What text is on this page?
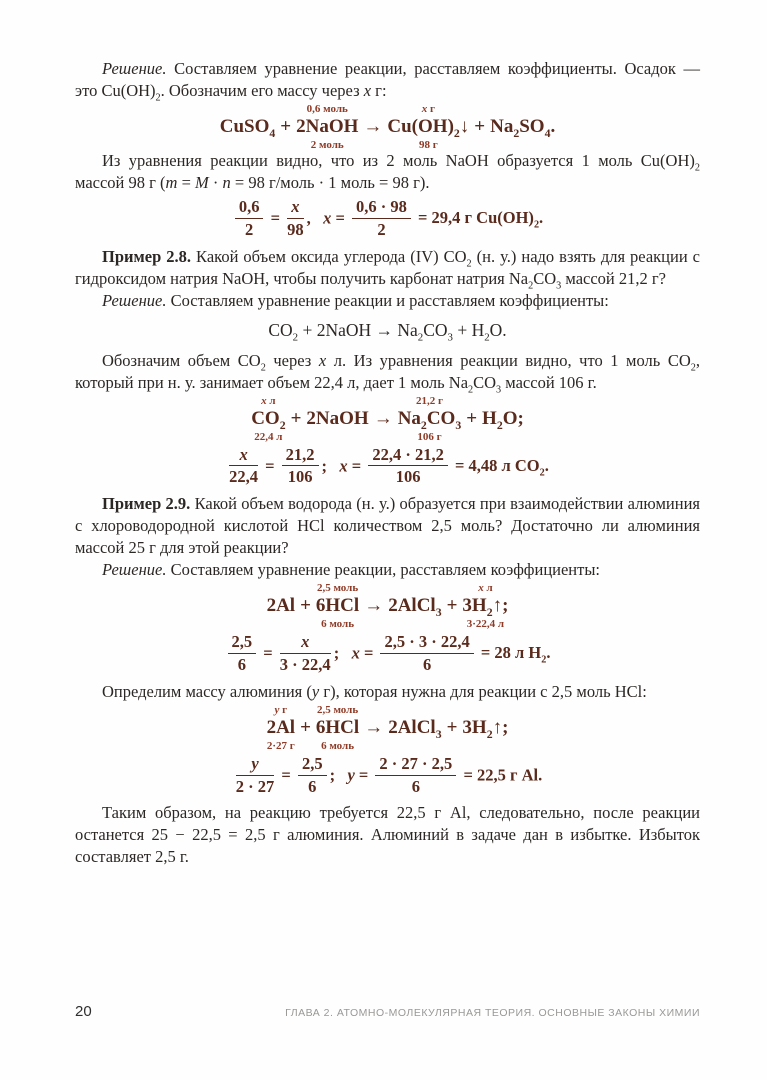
Решение. Составляем уравнение реакции, расставляем коэффициенты. Осадок — это $Cu(OH)_2$. Обозначим его массу через x г:

CuSO$_4$ +
0,6 моль
2NaOH
2 моль
→
x г
$Cu(OH)_2↓$
98 г
+ $Na_2SO_4$.

Из уравнения реакции видно, что из 2 моль NaOH образуется 1 моль $Cu(OH)_2$ массой 98 г (m = M · n = 98 г/моль · 1 моль = 98 г).

$\frac{0,6}{2} = \frac{x}{98}$ ,   $x = \frac{0,6 \cdot 98}{2} = 29,4$ г $Cu(OH)_2$.

Пример 2.8. Какой объем оксида углерода (IV) $CO_2$ (н. у.) надо взять для реакции с гидроксидом натрия NaOH, чтобы получить карбонат натрия $Na_2CO_3$ массой 21,2 г?

Решение. Составляем уравнение реакции и расставляем коэффициенты:

$CO_2$ + 2NaOH → $Na_2CO_3 + H_2O$.

Обозначим объем $CO_2$ через x л. Из уравнения реакции видно, что 1 моль $CO_2$, который при н. у. занимает объем 22,4 л, дает 1 моль $Na_2CO_3$ массой 106 г.

x л
$CO_2$
22,4 л
+ 2NaOH →
21,2 г
$Na_2CO_3$
106 г
+ $H_2O$;
$\frac{x}{22,4} = \frac{21,2}{106}$ ;   $x = \frac{22,4 \cdot 21,2}{106} = 4,48$ л $CO_2$.

Пример 2.9. Какой объем водорода (н. у.) образуется при взаимодействии алюминия с хлороводородной кислотой HCl количеством 2,5 моль? Достаточно ли алюминия массой 25 г для этой реакции?

Решение. Составляем уравнение реакции, расставляем коэффициенты:

2Al +
2,5 моль
6HCl
6 моль
→ 2AlCl$_3$ +
x л
$3H_2↑$;
3·22,4 л
$\frac{2,5}{6} = \frac{x}{3 \cdot 22,4}$ ;   $x = \frac{2,5 \cdot 3 \cdot 22,4}{6} = 28$ л $H_2$.

Определим массу алюминия (y г), которая нужна для реакции с 2,5 моль HCl:

y г
2Al
2·27 г
+
2,5 моль
6HCl
6 моль
→ 2AlCl$_3$ + $3H_2↑$;
$\frac{y}{2 \cdot 27} = \frac{2,5}{6}$ ;   $y = \frac{2 \cdot 27 \cdot 2,5}{6} = 22,5$ г Al.

Таким образом, на реакцию требуется 22,5 г Al, следовательно, после реакции останется 25 − 22,5 = 2,5 г алюминия. Алюминий в задаче дан в избытке. Избыток составляет 2,5 г.

20	ГЛАВА 2. АТОМНО-МОЛЕКУЛЯРНАЯ ТЕОРИЯ. ОСНОВНЫЕ ЗАКОНЫ ХИМИИ
